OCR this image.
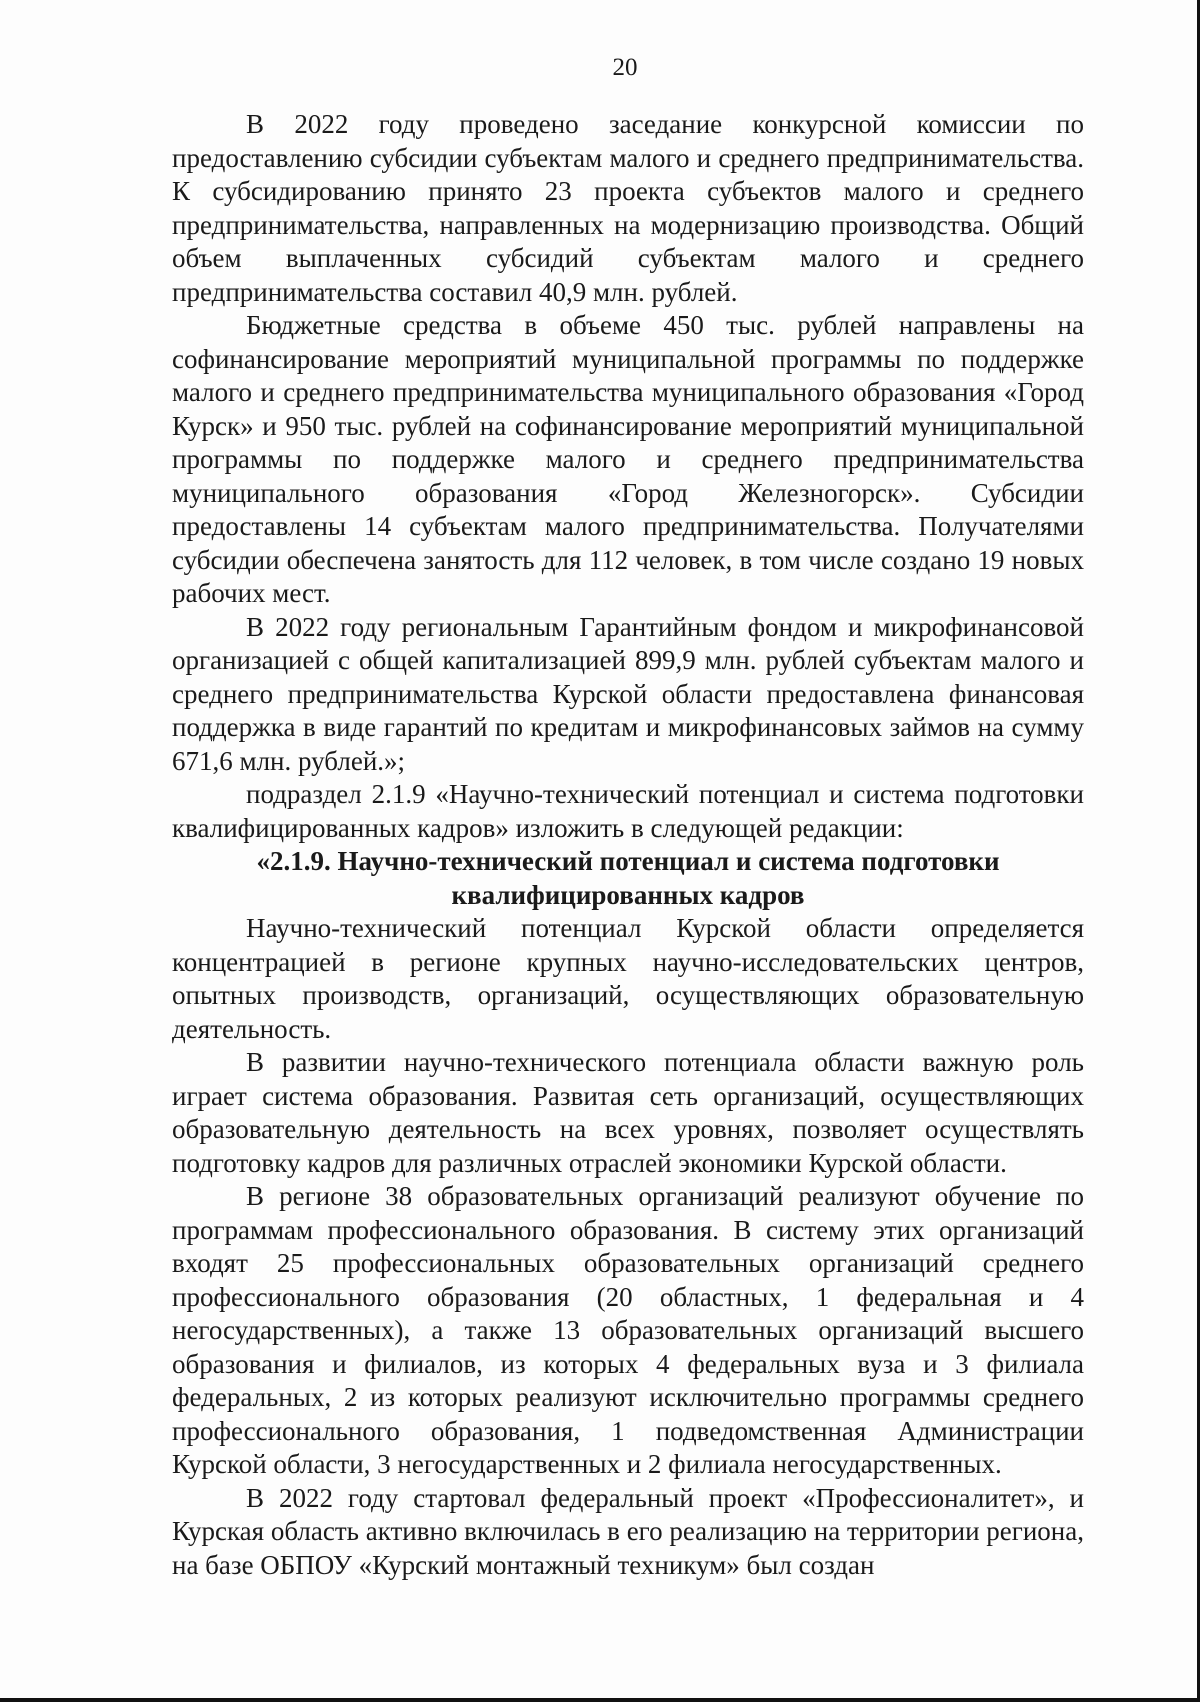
20

В 2022 году проведено заседание конкурсной комиссии по предоставлению субсидии субъектам малого и среднего предпринимательства. К субсидированию принято 23 проекта субъектов малого и среднего предпринимательства, направленных на модернизацию производства. Общий объем выплаченных субсидий субъектам малого и среднего предпринимательства составил 40,9 млн. рублей.

Бюджетные средства в объеме 450 тыс. рублей направлены на софинансирование мероприятий муниципальной программы по поддержке малого и среднего предпринимательства муниципального образования «Город Курск» и 950 тыс. рублей на софинансирование мероприятий муниципальной программы по поддержке малого и среднего предпринимательства муниципального образования «Город Железногорск». Субсидии предоставлены 14 субъектам малого предпринимательства. Получателями субсидии обеспечена занятость для 112 человек, в том числе создано 19 новых рабочих мест.

В 2022 году региональным Гарантийным фондом и микрофинансовой организацией с общей капитализацией 899,9 млн. рублей субъектам малого и среднего предпринимательства Курской области предоставлена финансовая поддержка в виде гарантий по кредитам и микрофинансовых займов на сумму 671,6 млн. рублей.»;

подраздел 2.1.9 «Научно-технический потенциал и система подготовки квалифицированных кадров» изложить в следующей редакции:

«2.1.9. Научно-технический потенциал и система подготовки квалифицированных кадров

Научно-технический потенциал Курской области определяется концентрацией в регионе крупных научно-исследовательских центров, опытных производств, организаций, осуществляющих образовательную деятельность.

В развитии научно-технического потенциала области важную роль играет система образования. Развитая сеть организаций, осуществляющих образовательную деятельность на всех уровнях, позволяет осуществлять подготовку кадров для различных отраслей экономики Курской области.

В регионе 38 образовательных организаций реализуют обучение по программам профессионального образования. В систему этих организаций входят 25 профессиональных образовательных организаций среднего профессионального образования (20 областных, 1 федеральная и 4 негосударственных), а также 13 образовательных организаций высшего образования и филиалов, из которых 4 федеральных вуза и 3 филиала федеральных, 2 из которых реализуют исключительно программы среднего профессионального образования, 1 подведомственная Администрации Курской области, 3 негосударственных и 2 филиала негосударственных.

В 2022 году стартовал федеральный проект «Профессионалитет», и Курская область активно включилась в его реализацию на территории региона, на базе ОБПОУ «Курский монтажный техникум» был создан
